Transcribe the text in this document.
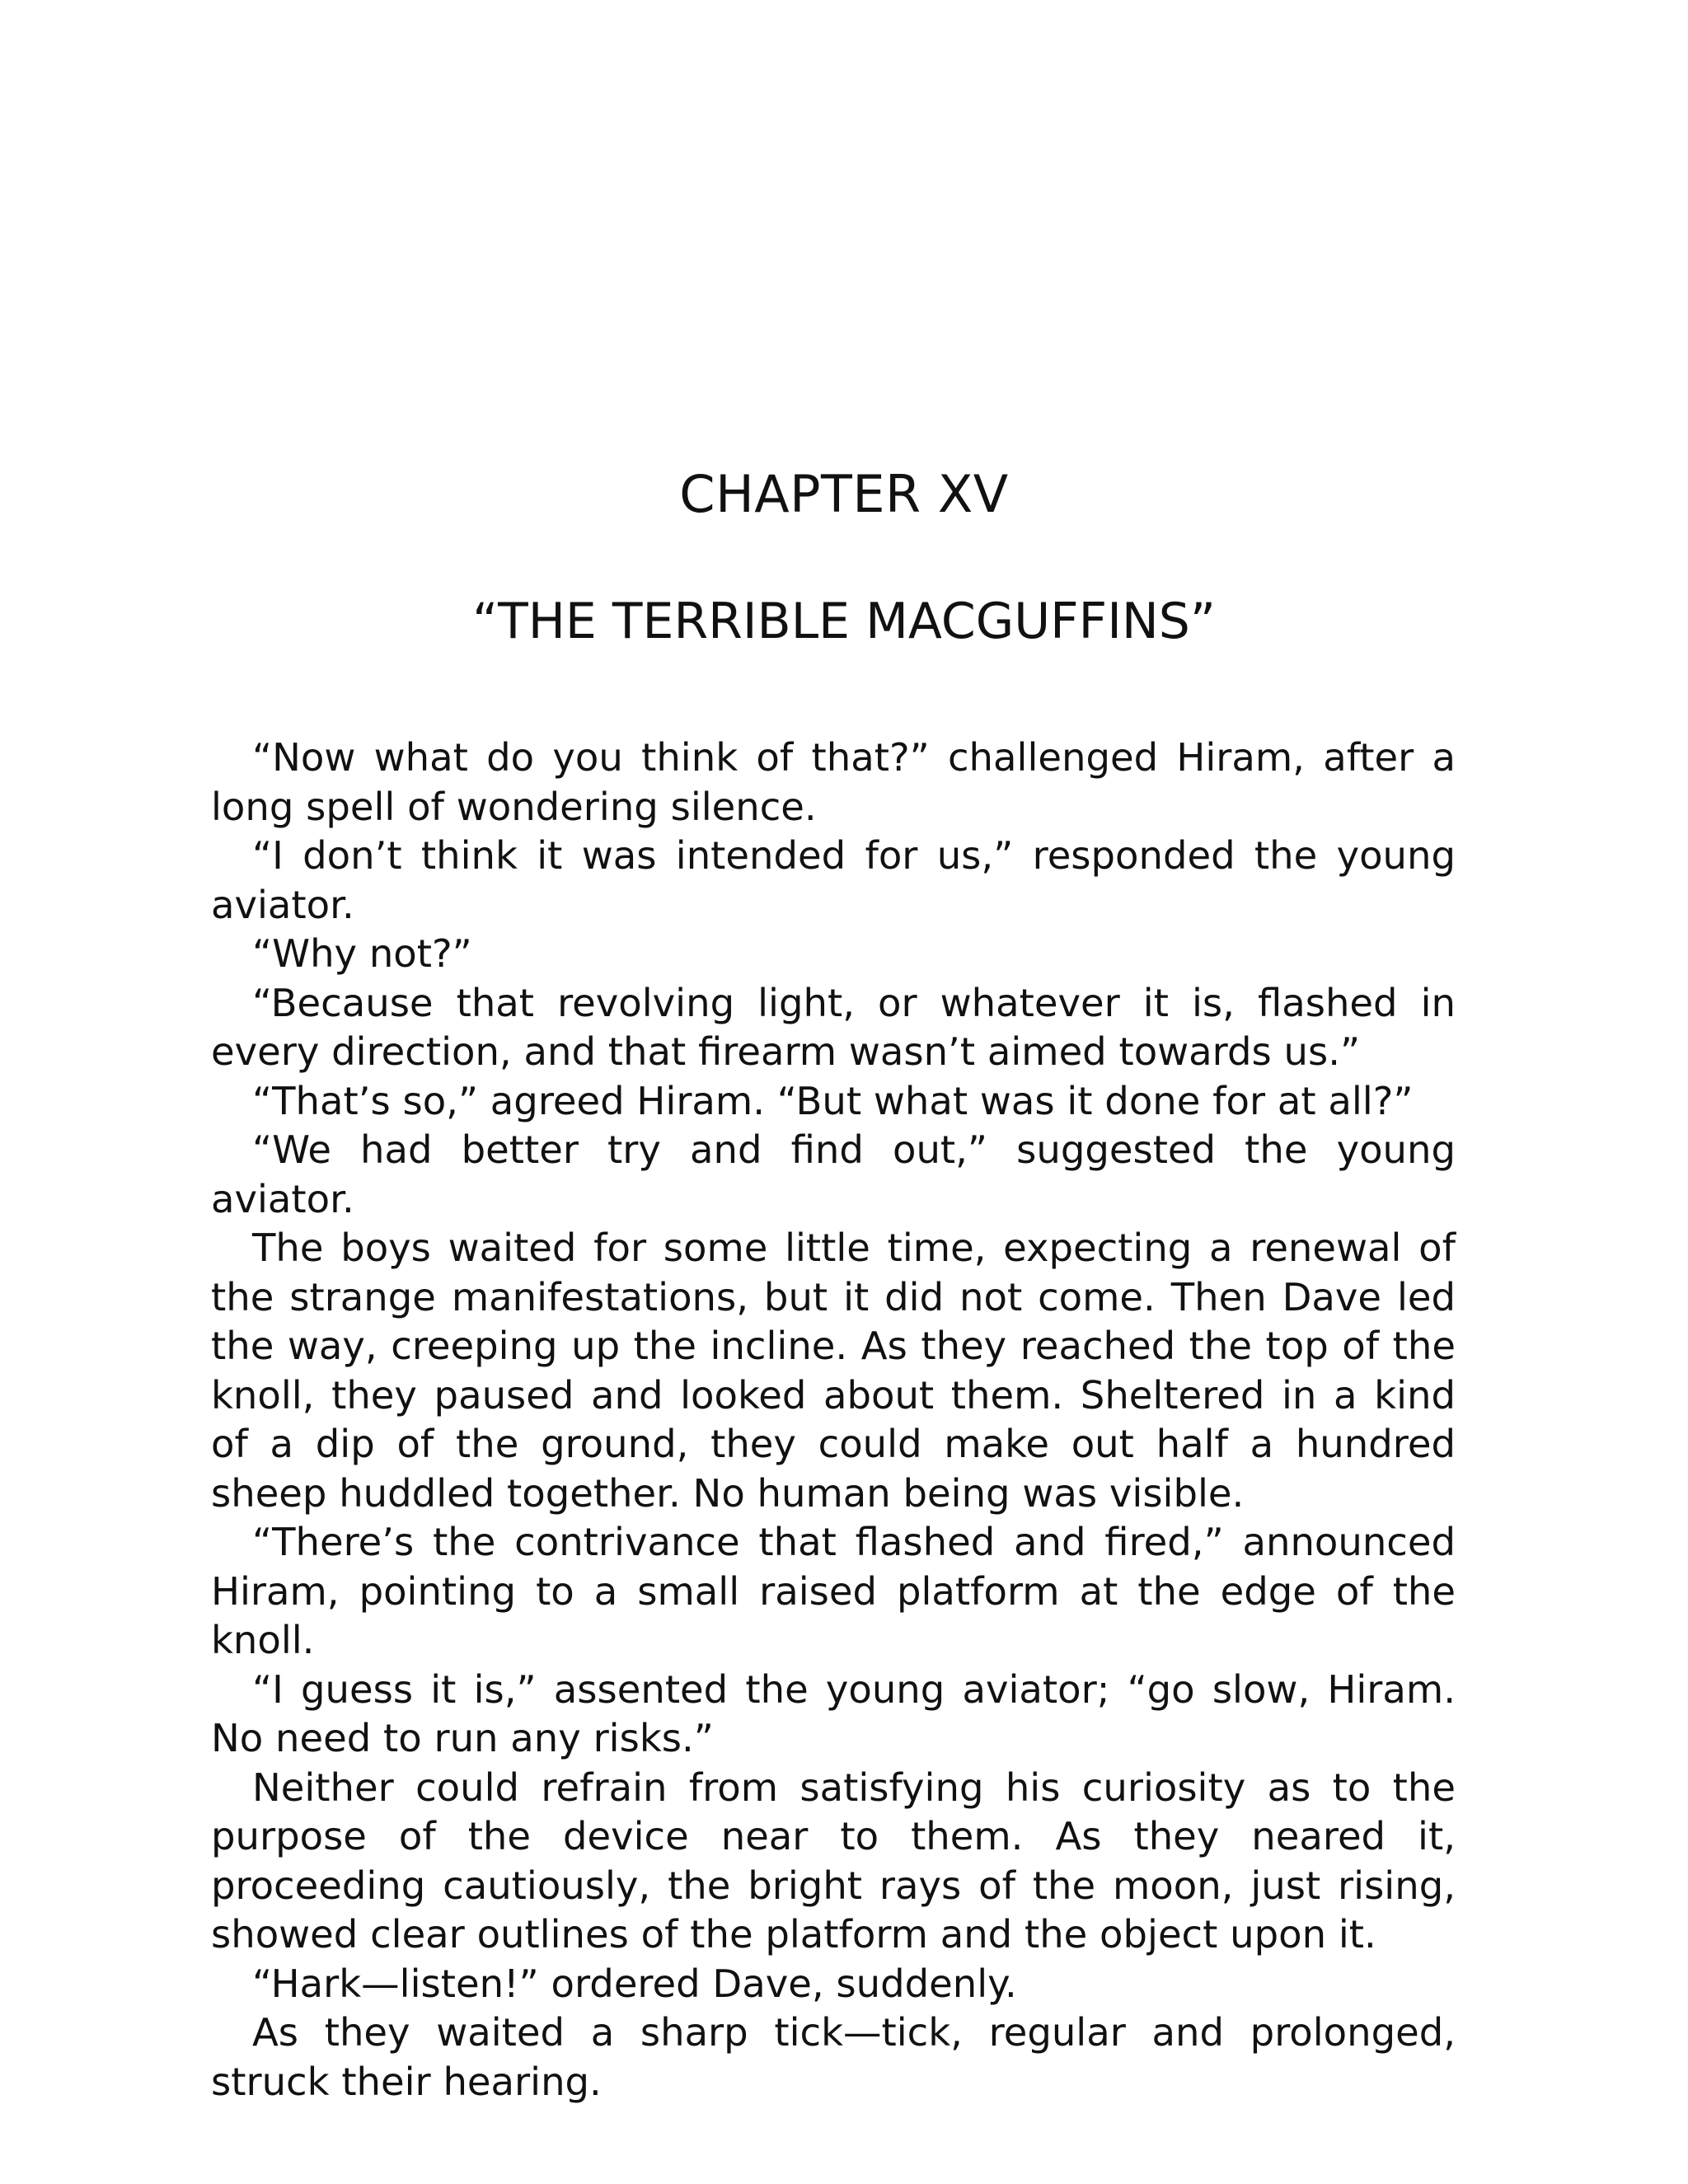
CHAPTER XV
“THE TERRIBLE MACGUFFINS”

“Now what do you think of that?” challenged Hiram, after a long spell of wondering silence.

“I don’t think it was intended for us,” responded the young aviator.

“Why not?”

“Because that revolving light, or whatever it is, flashed in every direction, and that firearm wasn’t aimed towards us.”

“That’s so,” agreed Hiram. “But what was it done for at all?”

“We had better try and find out,” suggested the young aviator.

The boys waited for some little time, expecting a renewal of the strange manifestations, but it did not come. Then Dave led the way, creeping up the incline. As they reached the top of the knoll, they paused and looked about them. Sheltered in a kind of a dip of the ground, they could make out half a hundred sheep huddled together. No human being was visible.

“There’s the contrivance that flashed and fired,” announced Hiram, pointing to a small raised platform at the edge of the knoll.

“I guess it is,” assented the young aviator; “go slow, Hiram. No need to run any risks.”

Neither could refrain from satisfying his curiosity as to the purpose of the device near to them. As they neared it, proceeding cautiously, the bright rays of the moon, just rising, showed clear outlines of the platform and the object upon it.

“Hark—listen!” ordered Dave, suddenly.

As they waited a sharp tick—tick, regular and prolonged, struck their hearing.
